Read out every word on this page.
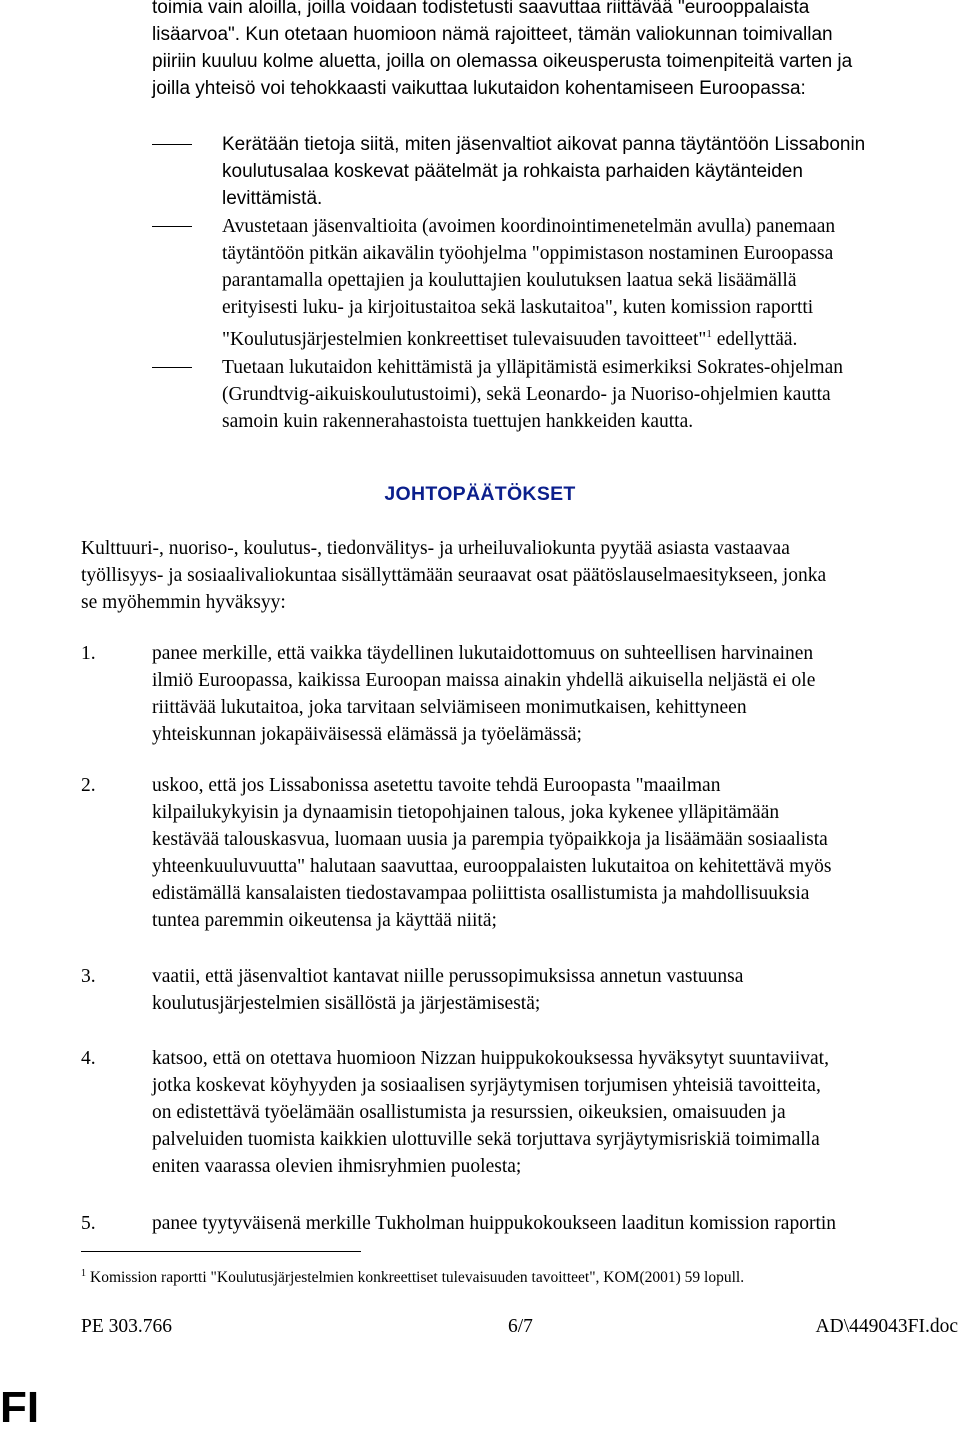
toimia vain aloilla, joilla voidaan todistetusti saavuttaa riittävää "eurooppalaista
lisäarvoa". Kun otetaan huomioon nämä rajoitteet, tämän valiokunnan toimivallan
piiriin kuuluu kolme aluetta, joilla on olemassa oikeusperusta toimenpiteitä varten ja
joilla yhteisö voi tehokkaasti vaikuttaa lukutaidon kohentamiseen Euroopassa:
Kerätään tietoja siitä, miten jäsenvaltiot aikovat panna täytäntöön Lissabonin
koulutusalaa koskevat päätelmät ja rohkaista parhaiden käytänteiden
levittämistä.
Avustetaan jäsenvaltioita (avoimen koordinointimenetelmän avulla) panemaan
täytäntöön pitkän aikavälin työohjelma "oppimistason nostaminen Euroopassa
parantamalla opettajien ja kouluttajien koulutuksen laatua sekä lisäämällä
erityisesti luku- ja kirjoitustaitoa sekä laskutaitoa", kuten komission raportti
"Koulutusjärjestelmien konkreettiset tulevaisuuden tavoitteet"$^1$ edellyttää.
Tuetaan lukutaidon kehittämistä ja ylläpitämistä esimerkiksi Sokrates-ohjelman
(Grundtvig-aikuiskoulutustoimi), sekä Leonardo- ja Nuoriso-ohjelmien kautta
samoin kuin rakennerahastoista tuettujen hankkeiden kautta.
JOHTOPÄÄTÖKSET
Kulttuuri-, nuoriso-, koulutus-, tiedonvälitys- ja urheiluvaliokunta pyytää asiasta vastaavaa
työllisyys- ja sosiaalivaliokuntaa sisällyttämään seuraavat osat päätöslauselmaesitykseen, jonka
se myöhemmin hyväksyy:
1.	panee merkille, että vaikka täydellinen lukutaidottomuus on suhteellisen harvinainen
ilmiö Euroopassa, kaikissa Euroopan maissa ainakin yhdellä aikuisella neljästä ei ole
riittävää lukutaitoa, joka tarvitaan selviämiseen monimutkaisen, kehittyneen
yhteiskunnan jokapäiväisessä elämässä ja työelämässä;
2.	uskoo, että jos Lissabonissa asetettu tavoite tehdä Euroopasta "maailman
kilpailukykyisin ja dynaamisin tietopohjainen talous, joka kykenee ylläpitämään
kestävää talouskasvua, luomaan uusia ja parempia työpaikkoja ja lisäämään sosiaalista
yhteenkuuluvuutta" halutaan saavuttaa, eurooppalaisten lukutaitoa on kehitettävä myös
edistämällä kansalaisten tiedostavampaa poliittista osallistumista ja mahdollisuuksia
tuntea paremmin oikeutensa ja käyttää niitä;
3.	vaatii, että jäsenvaltiot kantavat niille perussopimuksissa annetun vastuunsa
koulutusjärjestelmien sisällöstä ja järjestämisestä;
4.	katsoo, että on otettava huomioon Nizzan huippukokouksessa hyväksytyt suuntaviivat,
jotka koskevat köyhyyden ja sosiaalisen syrjäytymisen torjumisen yhteisiä tavoitteita,
on edistettävä työelämään osallistumista ja resurssien, oikeuksien, omaisuuden ja
palveluiden tuomista kaikkien ulottuville sekä torjuttava syrjäytymisriskiä toimimalla
eniten vaarassa olevien ihmisryhmien puolesta;
5.	panee tyytyväisenä merkille Tukholman huippukokoukseen laaditun komission raportin
$^1$ Komission raportti "Koulutusjärjestelmien konkreettiset tulevaisuuden tavoitteet", KOM(2001) 59 lopull.
PE 303.766	6/7	AD\449043FI.doc
FI
